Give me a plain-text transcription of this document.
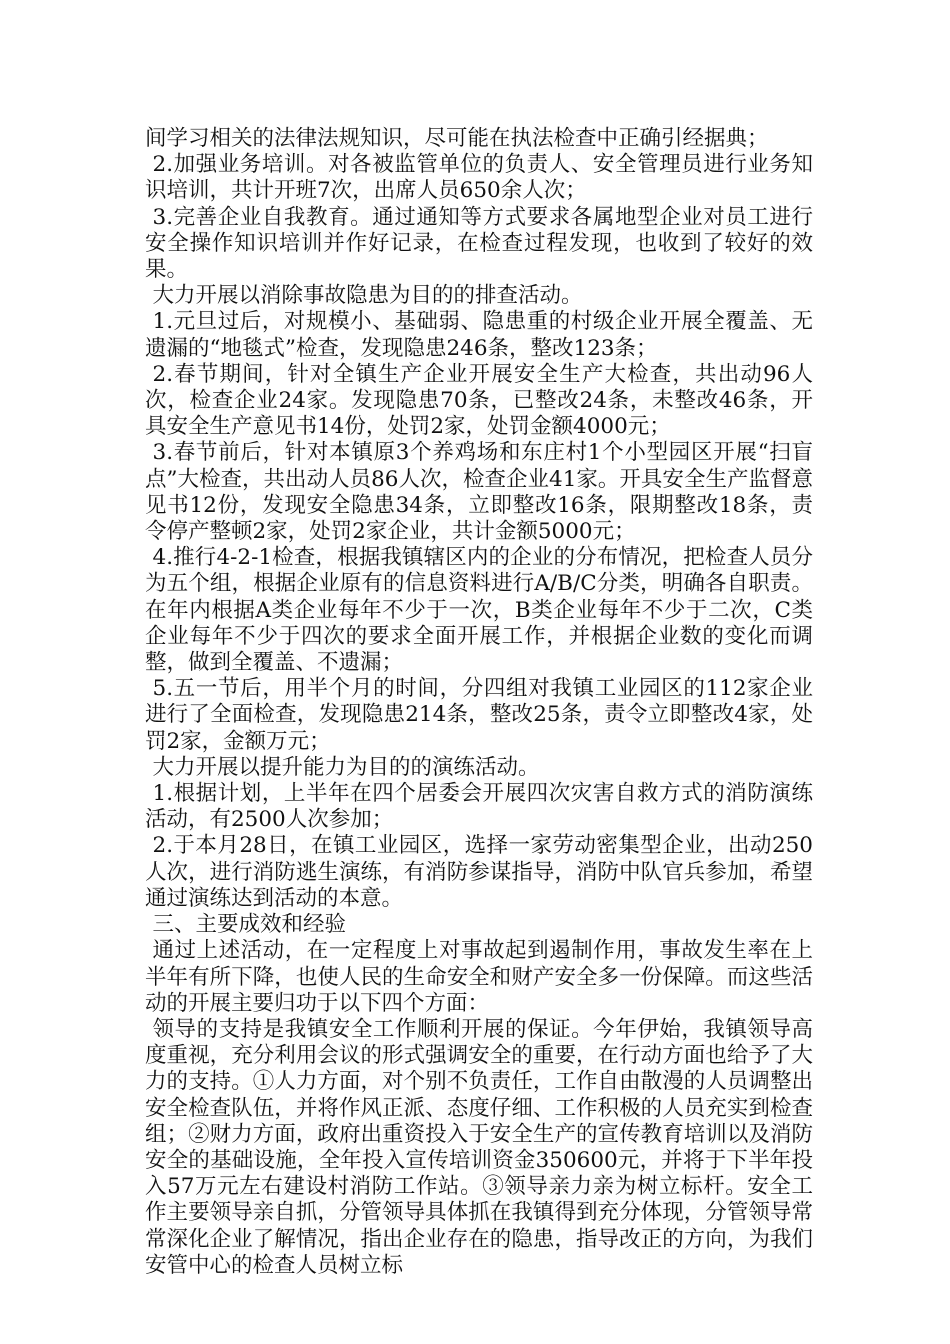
间学习相关的法律法规知识，尽可能在执法检查中正确引经据典；

2.加强业务培训。对各被监管单位的负责人、安全管理员进行业务知识培训，共计开班7次，出席人员650余人次；

3.完善企业自我教育。通过通知等方式要求各属地型企业对员工进行安全操作知识培训并作好记录，在检查过程发现，也收到了较好的效果。

大力开展以消除事故隐患为目的的排查活动。

1.元旦过后，对规模小、基础弱、隐患重的村级企业开展全覆盖、无遗漏的“地毯式”检查，发现隐患246条，整改123条；

2.春节期间，针对全镇生产企业开展安全生产大检查，共出动96人次，检查企业24家。发现隐患70条，已整改24条，未整改46条，开具安全生产意见书14份，处罚2家，处罚金额4000元；

3.春节前后，针对本镇原3个养鸡场和东庄村1个小型园区开展“扫盲点”大检查，共出动人员86人次，检查企业41家。开具安全生产监督意见书12份，发现安全隐患34条，立即整改16条，限期整改18条，责令停产整顿2家，处罚2家企业，共计金额5000元；

4.推行4-2-1检查，根据我镇辖区内的企业的分布情况，把检查人员分为五个组，根据企业原有的信息资料进行A/B/C分类，明确各自职责。在年内根据A类企业每年不少于一次，B类企业每年不少于二次，C类企业每年不少于四次的要求全面开展工作，并根据企业数的变化而调整，做到全覆盖、不遗漏；

5.五一节后，用半个月的时间，分四组对我镇工业园区的112家企业进行了全面检查，发现隐患214条，整改25条，责令立即整改4家，处罚2家，金额万元；

大力开展以提升能力为目的的演练活动。

1.根据计划，上半年在四个居委会开展四次灾害自救方式的消防演练活动，有2500人次参加；

2.于本月28日，在镇工业园区，选择一家劳动密集型企业，出动250人次，进行消防逃生演练，有消防参谋指导，消防中队官兵参加，希望通过演练达到活动的本意。

三、主要成效和经验

通过上述活动，在一定程度上对事故起到遏制作用，事故发生率在上半年有所下降，也使人民的生命安全和财产安全多一份保障。而这些活动的开展主要归功于以下四个方面：

领导的支持是我镇安全工作顺利开展的保证。今年伊始，我镇领导高度重视，充分利用会议的形式强调安全的重要，在行动方面也给予了大力的支持。①人力方面，对个别不负责任，工作自由散漫的人员调整出安全检查队伍，并将作风正派、态度仔细、工作积极的人员充实到检查组；②财力方面，政府出重资投入于安全生产的宣传教育培训以及消防安全的基础设施，全年投入宣传培训资金350600元，并将于下半年投入57万元左右建设村消防工作站。③领导亲力亲为树立标杆。安全工作主要领导亲自抓，分管领导具体抓在我镇得到充分体现，分管领导常常深化企业了解情况，指出企业存在的隐患，指导改正的方向，为我们安管中心的检查人员树立标
